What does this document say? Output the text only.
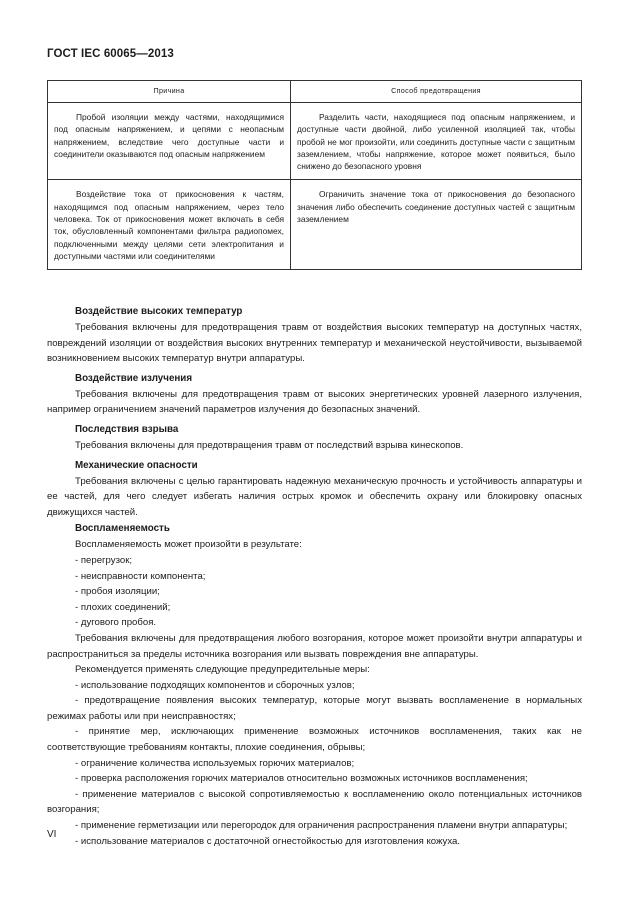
ГОСТ IEC 60065—2013
Причина	Способ предотвращения

Пробой изоляции между частями, находящимися под опасным напряжением, и цепями с неопасным напряжением, вследствие чего доступные части и соединители оказываются под опасным напряжением	Разделить части, находящиеся под опасным напряжением, и доступные части двойной, либо усиленной изоляцией так, чтобы пробой не мог произойти, или соединить доступные части с защитным заземлением, чтобы напряжение, которое может появиться, было снижено до безопасного уровня

Воздействие тока от прикосновения к частям, находящимся под опасным напряжением, через тело человека. Ток от прикосновения может включать в себя ток, обусловленный компонентами фильтра радиопомех, подключенными между целями сети электропитания и доступными частями или соединителями	Ограничить значение тока от прикосновения до безопасного значения либо обеспечить соединение доступных частей с защитным заземлением

Воздействие высоких температур

Требования включены для предотвращения травм от воздействия высоких температур на доступных частях, повреждений изоляции от воздействия высоких внутренних температур и механической неустойчивости, вызываемой возникновением высоких температур внутри аппаратуры.

Воздействие излучения

Требования включены для предотвращения травм от высоких энергетических уровней лазерного излучения, например ограничением значений параметров излучения до безопасных значений.

Последствия взрыва

Требования включены для предотвращения травм от последствий взрыва кинескопов.

Механические опасности

Требования включены с целью гарантировать надежную механическую прочность и устойчивость аппаратуры и ее частей, для чего следует избегать наличия острых кромок и обеспечить охрану или блокировку опасных движущихся частей.

Воспламеняемость

Воспламеняемость может произойти в результате:

- перегрузок;
- неисправности компонента;
- пробоя изоляции;
- плохих соединений;
- дугового пробоя.

Требования включены для предотвращения любого возгорания, которое может произойти внутри аппаратуры и распространиться за пределы источника возгорания или вызвать повреждения вне аппаратуры.

Рекомендуется применять следующие предупредительные меры:

- использование подходящих компонентов и сборочных узлов;
- предотвращение появления высоких температур, которые могут вызвать воспламенение в нормальных режимах работы или при неисправностях;
- принятие мер, исключающих применение возможных источников воспламенения, таких как не соответствующие требованиям контакты, плохие соединения, обрывы;
- ограничение количества используемых горючих материалов;
- проверка расположения горючих материалов относительно возможных источников воспламенения;
- применение материалов с высокой сопротивляемостью к воспламенению около потенциальных источников возгорания;
- применение герметизации или перегородок для ограничения распространения пламени внутри аппаратуры;
- использование материалов с достаточной огнестойкостью для изготовления кожуха.
VI
